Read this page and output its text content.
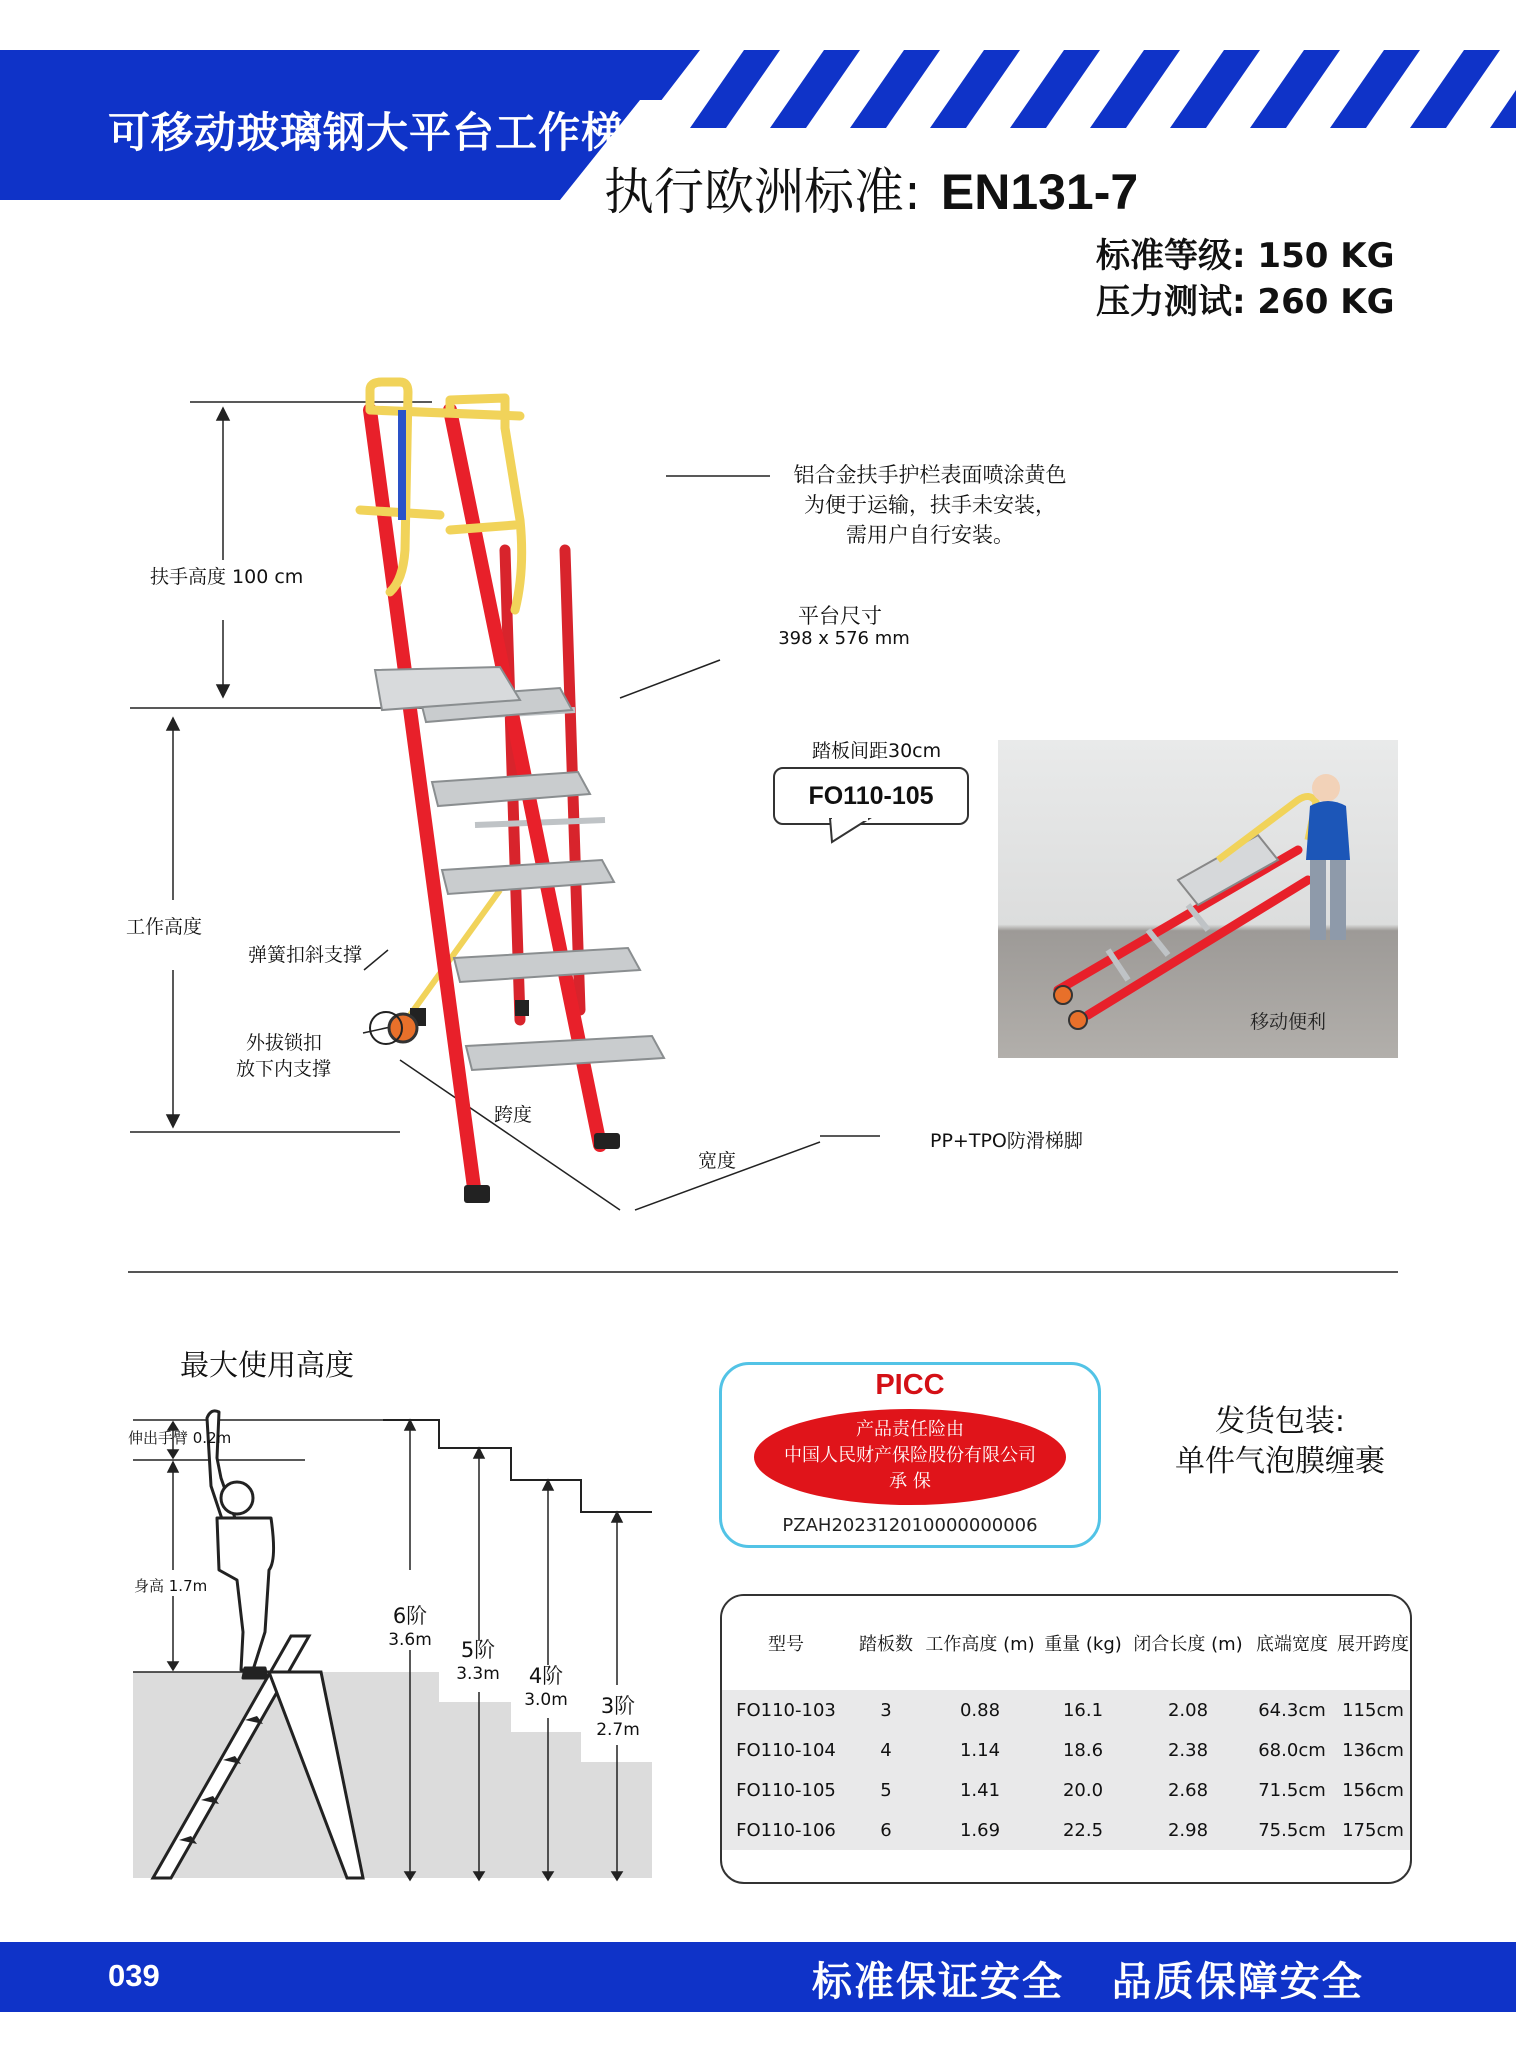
可移动玻璃钢大平台工作梯
执行欧洲标准: EN131-7
标准等级: 150 KG
压力测试: 260 KG
扶手高度 100 cm
工作高度
铝合金扶手护栏表面喷涂黄色
为便于运输，扶手未安装，
需用户自行安装。
平台尺寸
398 x 576 mm
踏板间距30cm
FO110-105
弹簧扣斜支撑
外拔锁扣
放下内支撑
跨度
宽度
PP+TPO防滑梯脚
移动便利
最大使用高度
伸出手臂 0.2m
身高 1.7m
6阶
3.6m	5阶
3.3m	4阶
3.0m	3阶
2.7m
PICC
产品责任险由
中国人民财产保险股份有限公司
承 保
PZAH202312010000000006
发货包装:
单件气泡膜缠裹
型号	踏板数	工作高度 (m)	重量 (kg)	闭合长度 (m)	底端宽度	展开跨度
FO110-103	3	0.88	16.1	2.08	64.3cm	115cm
FO110-104	4	1.14	18.6	2.38	68.0cm	136cm
FO110-105	5	1.41	20.0	2.68	71.5cm	156cm
FO110-106	6	1.69	22.5	2.98	75.5cm	175cm
039	标准保证安全   品质保障安全
